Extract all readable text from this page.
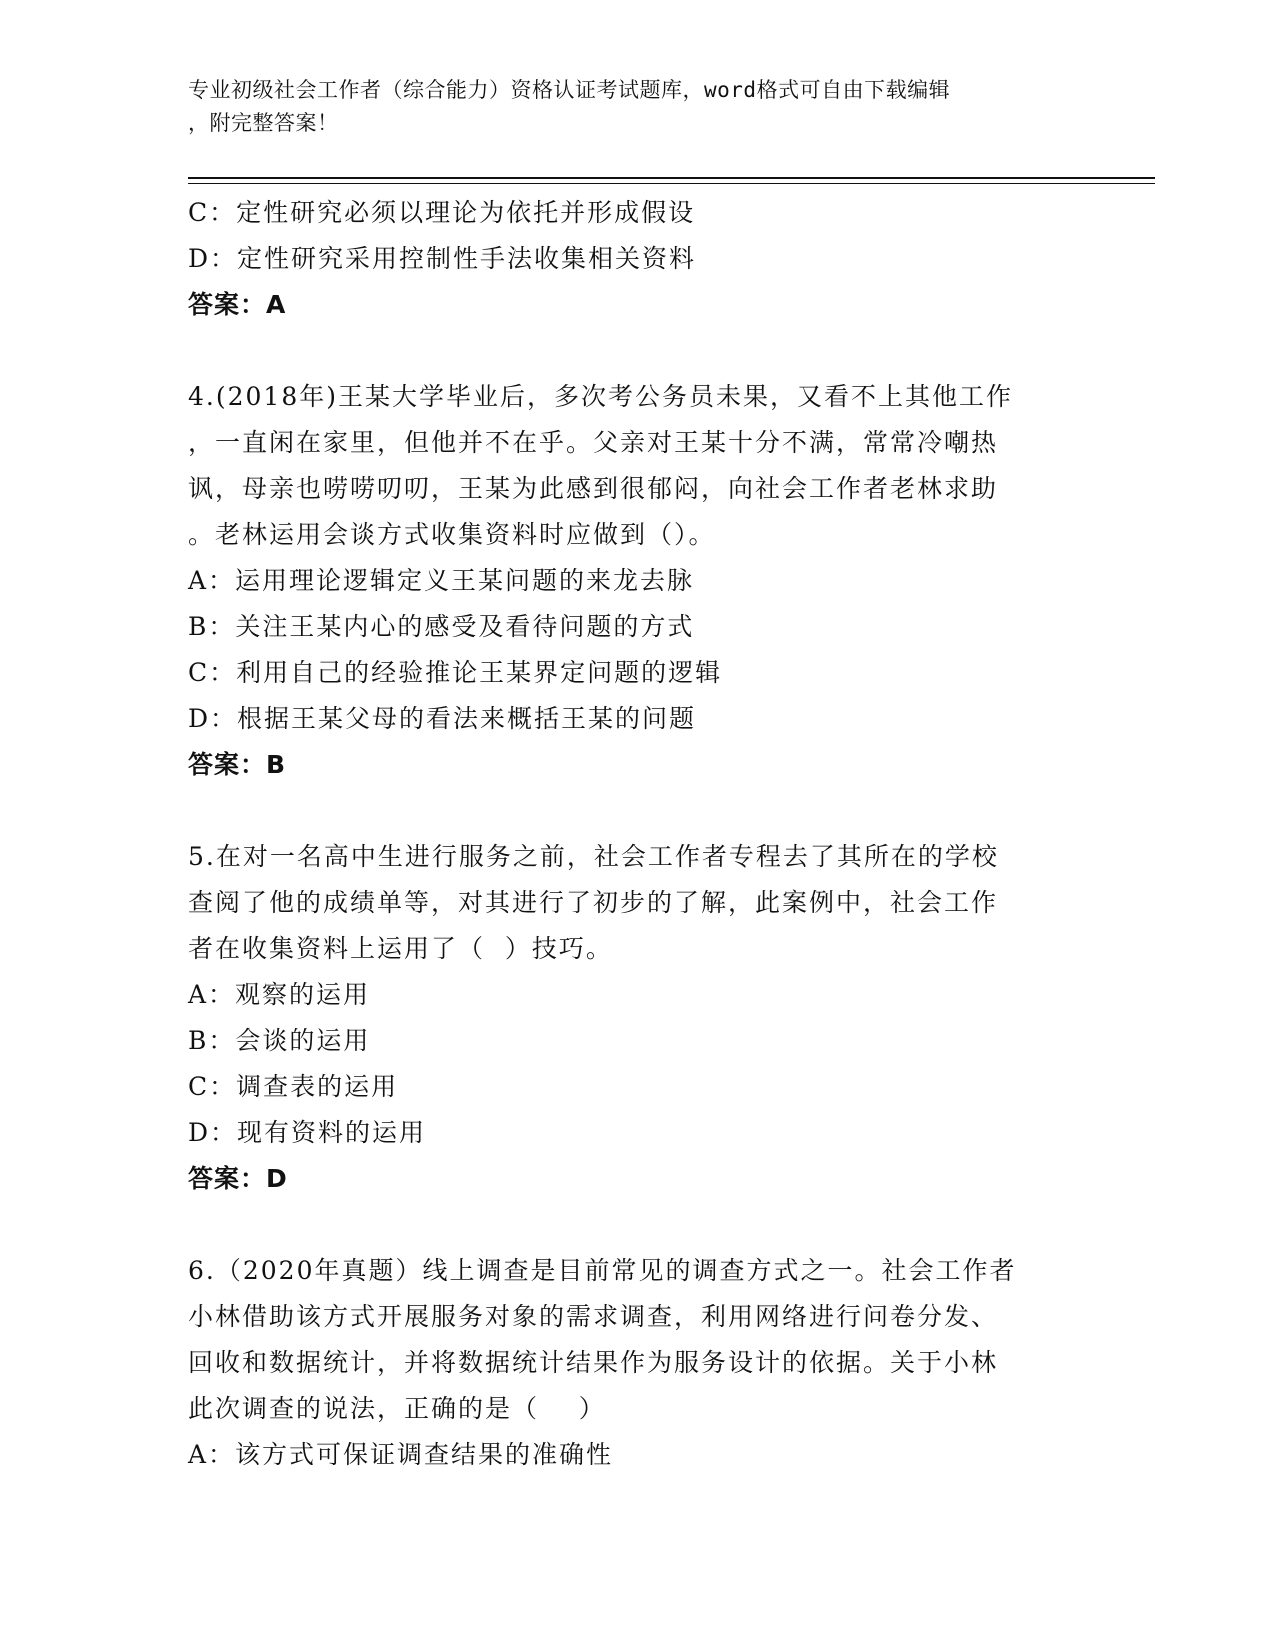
专业初级社会工作者（综合能力）资格认证考试题库，word格式可自由下载编辑
，附完整答案！
C：定性研究必须以理论为依托并形成假设
D：定性研究采用控制性手法收集相关资料
答案：A
4.(2018年)王某大学毕业后，多次考公务员未果，又看不上其他工作
，一直闲在家里，但他并不在乎。父亲对王某十分不满，常常冷嘲热
讽，母亲也唠唠叨叨，王某为此感到很郁闷，向社会工作者老林求助
。老林运用会谈方式收集资料时应做到（）。
A：运用理论逻辑定义王某问题的来龙去脉
B：关注王某内心的感受及看待问题的方式
C：利用自己的经验推论王某界定问题的逻辑
D：根据王某父母的看法来概括王某的问题
答案：B
5.在对一名高中生进行服务之前，社会工作者专程去了其所在的学校
查阅了他的成绩单等，对其进行了初步的了解，此案例中，社会工作
者在收集资料上运用了（  ）技巧。
A：观察的运用
B：会谈的运用
C：调查表的运用
D：现有资料的运用
答案：D
6.（2020年真题）线上调查是目前常见的调查方式之一。社会工作者
小林借助该方式开展服务对象的需求调查，利用网络进行问卷分发、
回收和数据统计，并将数据统计结果作为服务设计的依据。关于小林
此次调查的说法，正确的是（    ）
A：该方式可保证调查结果的准确性
